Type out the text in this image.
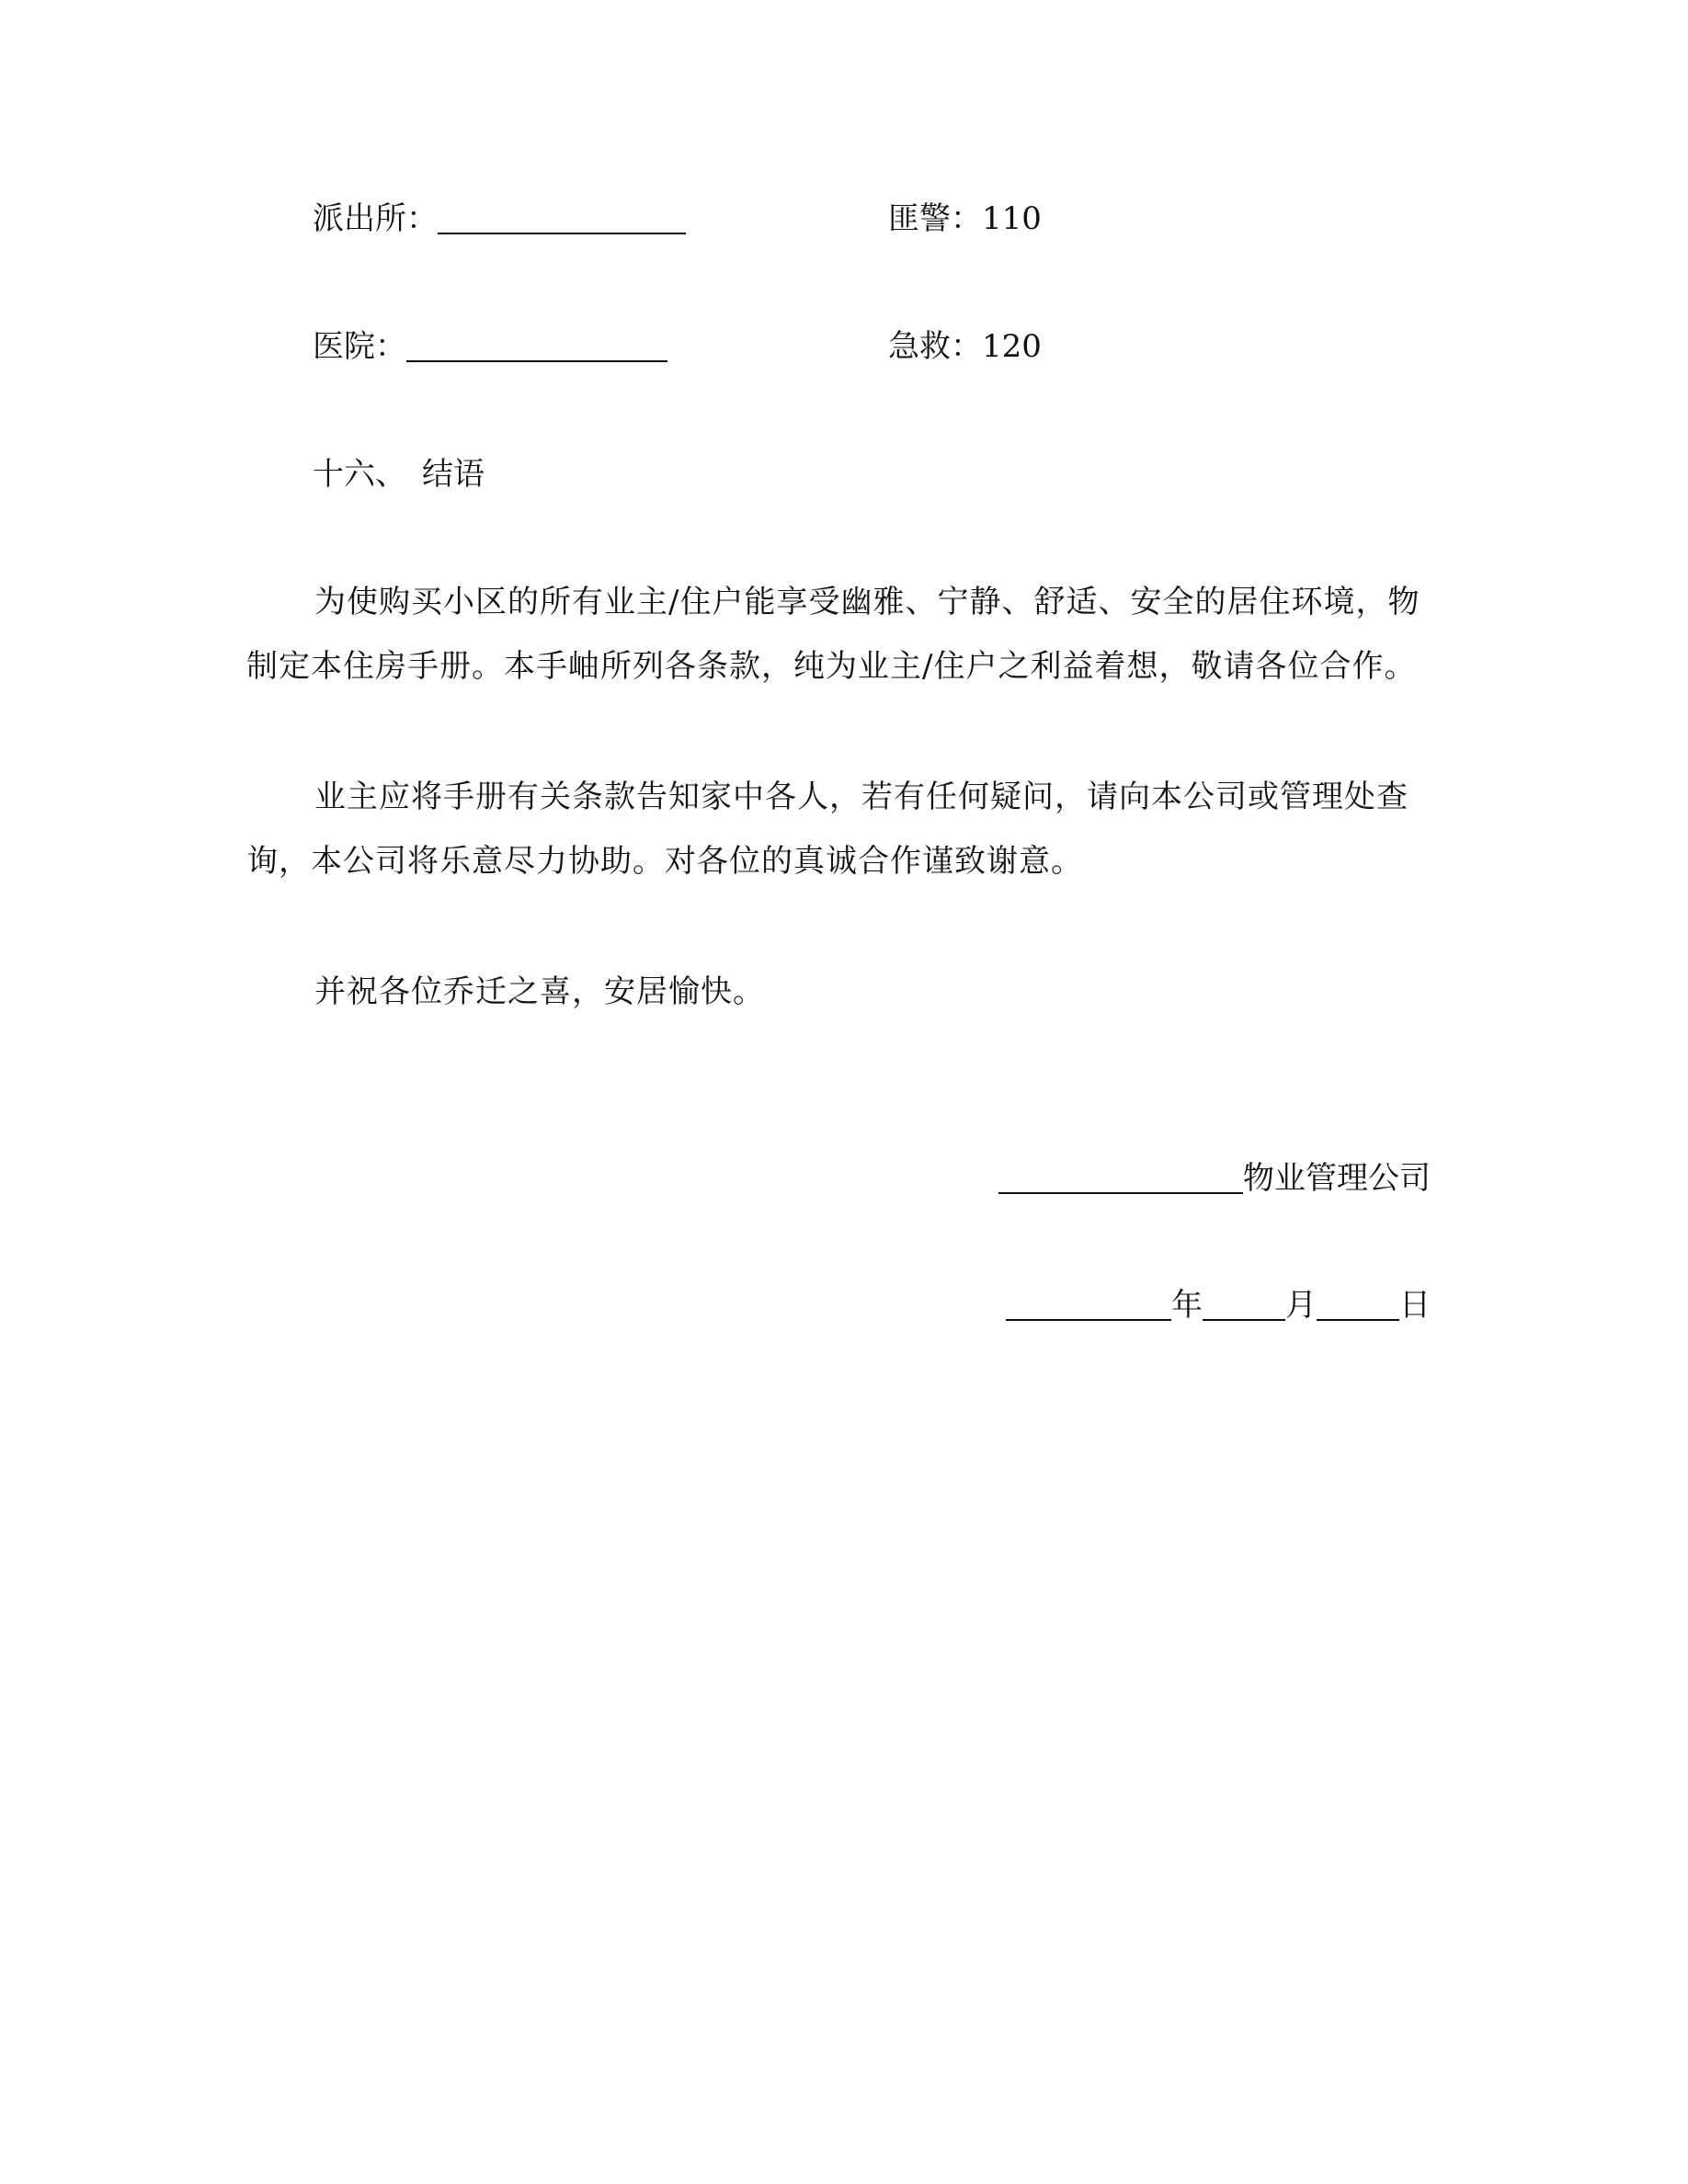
派出所：	匪警：110
医院：	急救：120
十六、　结语
为使购买小区的所有业主/住户能享受幽雅、宁静、舒适、安全的居住环境，物制定本住房手册。本手岫所列各条款，纯为业主/住户之利益着想，敬请各位合作。
业主应将手册有关条款告知家中各人，若有任何疑问，请向本公司或管理处查询，本公司将乐意尽力协助。对各位的真诚合作谨致谢意。
并祝各位乔迁之喜，安居愉快。
物业管理公司
年	月	日
